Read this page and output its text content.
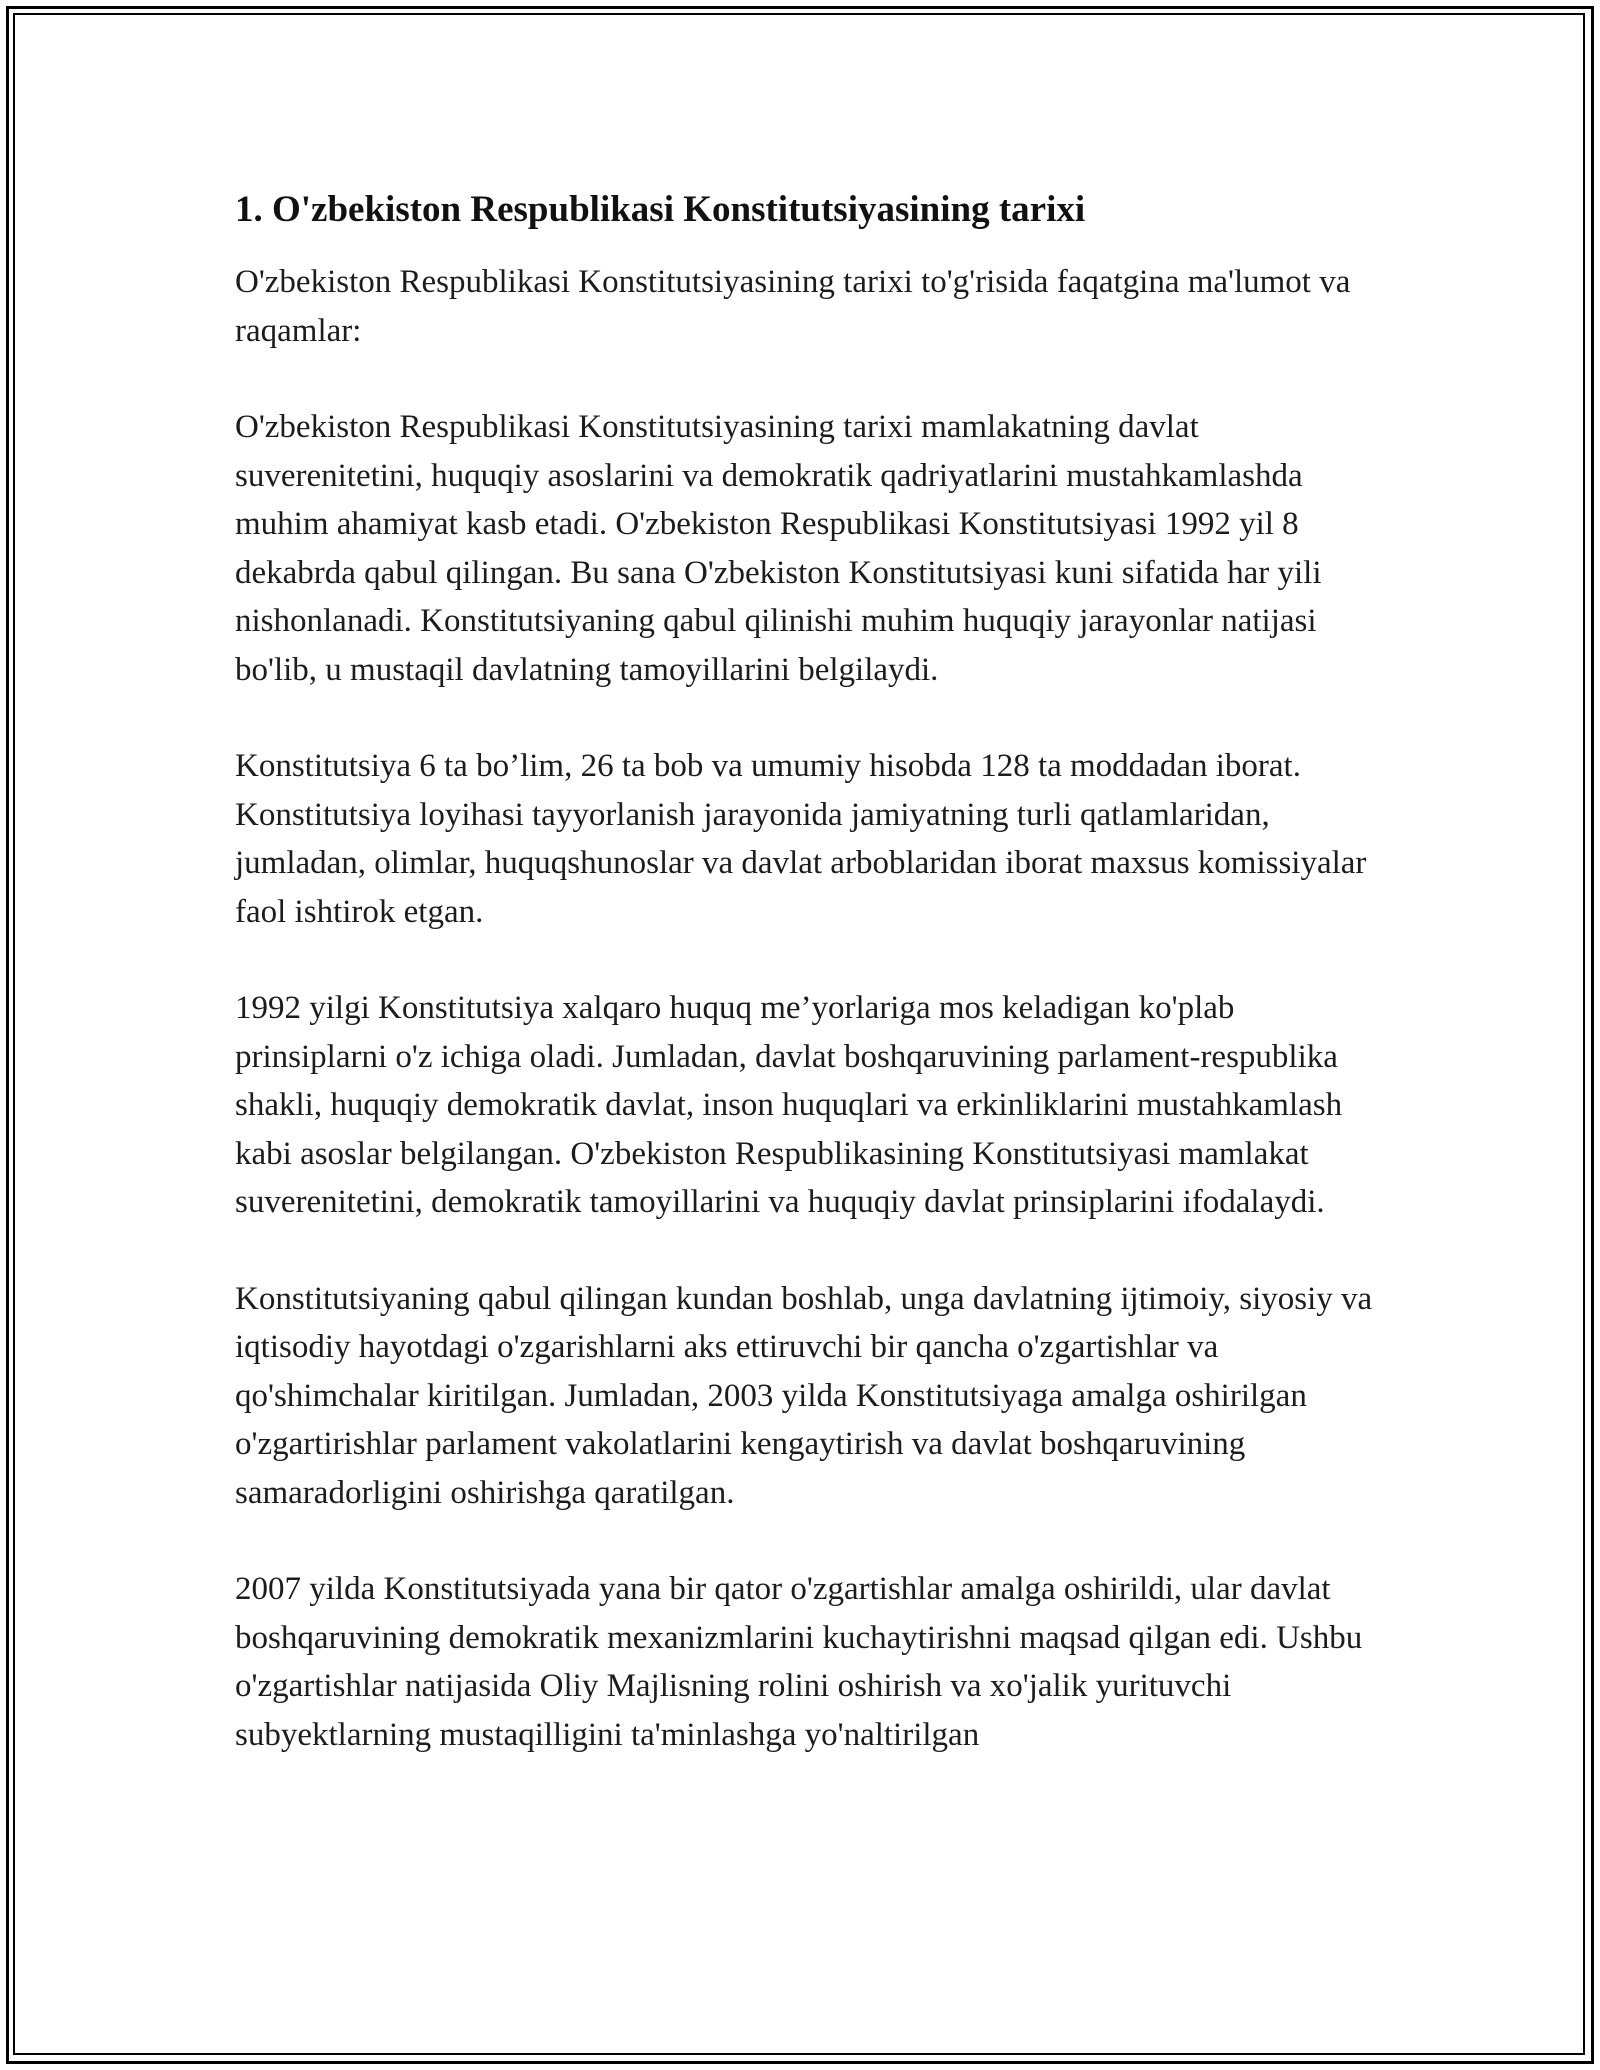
1. O'zbekiston Respublikasi Konstitutsiyasining tarixi

O'zbekiston Respublikasi Konstitutsiyasining tarixi to'g'risida faqatgina ma'lumot va raqamlar:

O'zbekiston Respublikasi Konstitutsiyasining tarixi mamlakatning davlat suverenitetini, huquqiy asoslarini va demokratik qadriyatlarini mustahkamlashda muhim ahamiyat kasb etadi. O'zbekiston Respublikasi Konstitutsiyasi 1992 yil 8 dekabrda qabul qilingan. Bu sana O'zbekiston Konstitutsiyasi kuni sifatida har yili nishonlanadi. Konstitutsiyaning qabul qilinishi muhim huquqiy jarayonlar natijasi bo'lib, u mustaqil davlatning tamoyillarini belgilaydi.

Konstitutsiya 6 ta bo’lim, 26 ta bob va umumiy hisobda 128 ta moddadan iborat. Konstitutsiya loyihasi tayyorlanish jarayonida jamiyatning turli qatlamlaridan, jumladan, olimlar, huquqshunoslar va davlat arboblaridan iborat maxsus komissiyalar faol ishtirok etgan.

1992 yilgi Konstitutsiya xalqaro huquq me’yorlariga mos keladigan ko'plab prinsiplarni o'z ichiga oladi. Jumladan, davlat boshqaruvining parlament-respublika shakli, huquqiy demokratik davlat, inson huquqlari va erkinliklarini mustahkamlash kabi asoslar belgilangan. O'zbekiston Respublikasining Konstitutsiyasi mamlakat suverenitetini, demokratik tamoyillarini va huquqiy davlat prinsiplarini ifodalaydi.

Konstitutsiyaning qabul qilingan kundan boshlab, unga davlatning ijtimoiy, siyosiy va iqtisodiy hayotdagi o'zgarishlarni aks ettiruvchi bir qancha o'zgartishlar va qo'shimchalar kiritilgan. Jumladan, 2003 yilda Konstitutsiyaga amalga oshirilgan o'zgartirishlar parlament vakolatlarini kengaytirish va davlat boshqaruvining samaradorligini oshirishga qaratilgan.

2007 yilda Konstitutsiyada yana bir qator o'zgartishlar amalga oshirildi, ular davlat boshqaruvining demokratik mexanizmlarini kuchaytirishni maqsad qilgan edi. Ushbu o'zgartishlar natijasida Oliy Majlisning rolini oshirish va xo'jalik yurituvchi subyektlarning mustaqilligini ta'minlashga yo'naltirilgan
